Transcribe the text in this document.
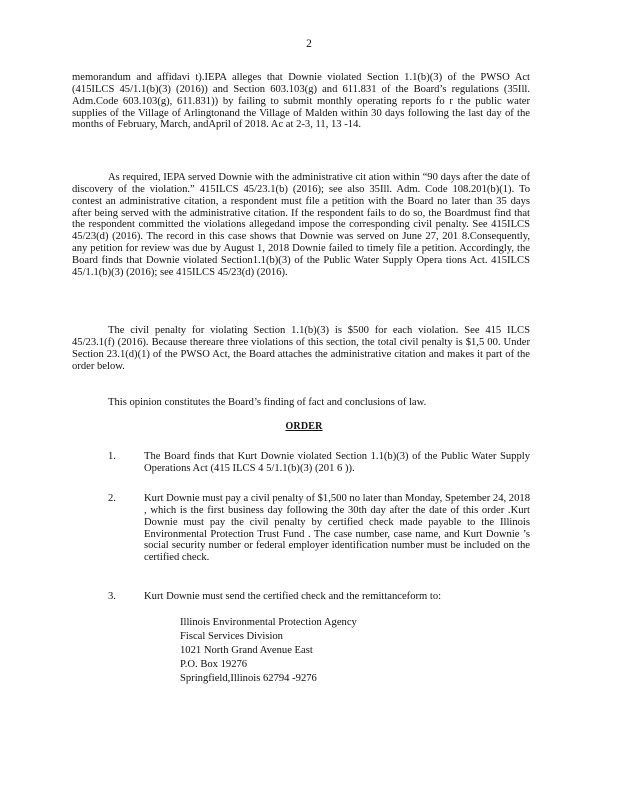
2
memorandum and affidavi t).IEPA alleges that Downie violated Section 1.1(b)(3) of the PWSO Act (415ILCS 45/1.1(b)(3) (2016)) and Section 603.103(g) and 611.831 of the Board’s regulations (35Ill. Adm.Code 603.103(g), 611.831)) by failing to submit monthly operating reports fo r the public water supplies of the Village of Arlingtonand the Village of Malden within 30 days following the last day of the months of February, March, andApril of 2018. Ac at 2-3, 11, 13 -14.
As required, IEPA served Downie with the administrative cit ation within “90 days after the date of discovery of the violation.” 415ILCS 45/23.1(b) (2016); see also 35Ill. Adm. Code 108.201(b)(1). To contest an administrative citation, a respondent must file a petition with the Board no later than 35 days after being served with the administrative citation. If the respondent fails to do so, the Boardmust find that the respondent committed the violations allegedand impose the corresponding civil penalty. See 415ILCS 45/23(d) (2016). The record in this case shows that Downie was served on June 27, 201 8.Consequently, any petition for review was due by August 1, 2018 Downie failed to timely file a petition. Accordingly, the Board finds that Downie violated Section1.1(b)(3) of the Public Water Supply Opera tions Act. 415ILCS 45/1.1(b)(3) (2016); see 415ILCS 45/23(d) (2016).
The civil penalty for violating Section 1.1(b)(3) is $500 for each violation. See 415 ILCS 45/23.1(f) (2016). Because thereare three violations of this section, the total civil penalty is $1,5 00. Under Section 23.1(d)(1) of the PWSO Act, the Board attaches the administrative citation and makes it part of the order below.
This opinion constitutes the Board’s finding of fact and conclusions of law.
ORDER
1.	The Board finds that Kurt Downie violated Section 1.1(b)(3) of the Public Water Supply Operations Act (415 ILCS 4 5/1.1(b)(3) (201 6 )).
2.	Kurt Downie must pay a civil penalty of $1,500 no later than Monday, Spetember 24, 2018 , which is the first business day following the 30th day after the date of this order .Kurt Downie must pay the civil penalty by certified check made payable to the Illinois Environmental Protection Trust Fund . The case number, case name, and Kurt Downie ’s social security number or federal employer identification number must be included on the certified check.
3.	Kurt Downie must send the certified check and the remittanceform to:
Illinois Environmental Protection Agency
Fiscal Services Division
1021 North Grand Avenue East
P.O. Box 19276
Springfield,Illinois 62794 -9276
